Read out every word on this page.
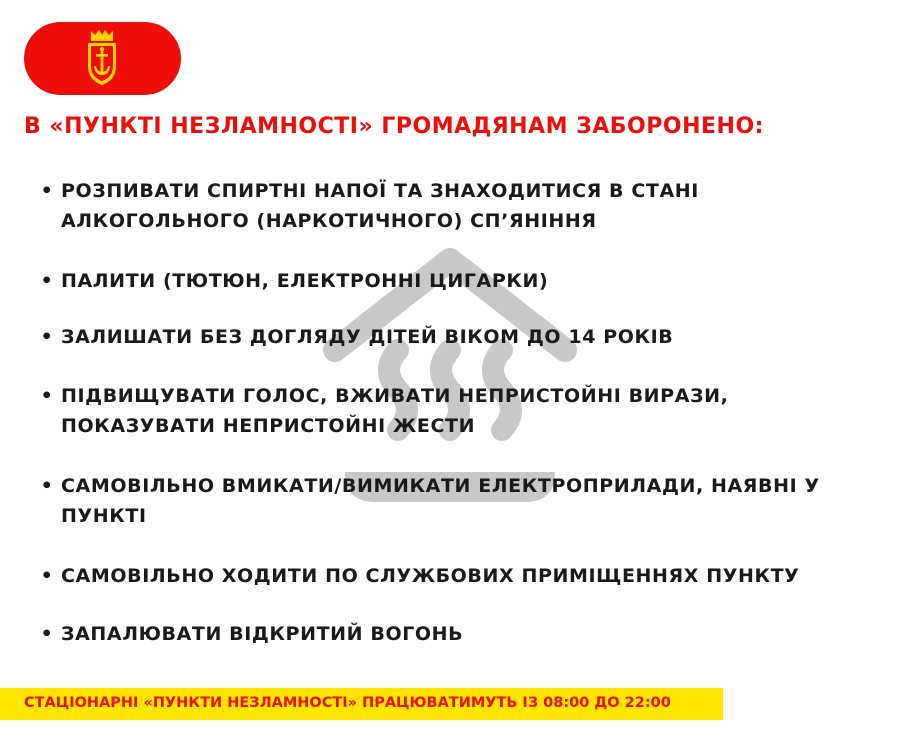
В «ПУНКТІ НЕЗЛАМНОСТІ» ГРОМАДЯНАМ ЗАБОРОНЕНО:
• РОЗПИВАТИ СПИРТНІ НАПОЇ ТА ЗНАХОДИТИСЯ В СТАНІ АЛКОГОЛЬНОГО (НАРКОТИЧНОГО) СП’ЯНІННЯ
• ПАЛИТИ (ТЮТЮН, ЕЛЕКТРОННІ ЦИГАРКИ)
• ЗАЛИШАТИ БЕЗ ДОГЛЯДУ ДІТЕЙ ВІКОМ ДО 14 РОКІВ
• ПІДВИЩУВАТИ ГОЛОС, ВЖИВАТИ НЕПРИСТОЙНІ ВИРАЗИ, ПОКАЗУВАТИ НЕПРИСТОЙНІ ЖЕСТИ
• САМОВІЛЬНО ВМИКАТИ/ВИМИКАТИ ЕЛЕКТРОПРИЛАДИ, НАЯВНІ У ПУНКТІ
• САМОВІЛЬНО ХОДИТИ ПО СЛУЖБОВИХ ПРИМІЩЕННЯХ ПУНКТУ
• ЗАПАЛЮВАТИ ВІДКРИТИЙ ВОГОНЬ
СТАЦІОНАРНІ «ПУНКТИ НЕЗЛАМНОСТІ» ПРАЦЮВАТИМУТЬ ІЗ 08:00 ДО 22:00
